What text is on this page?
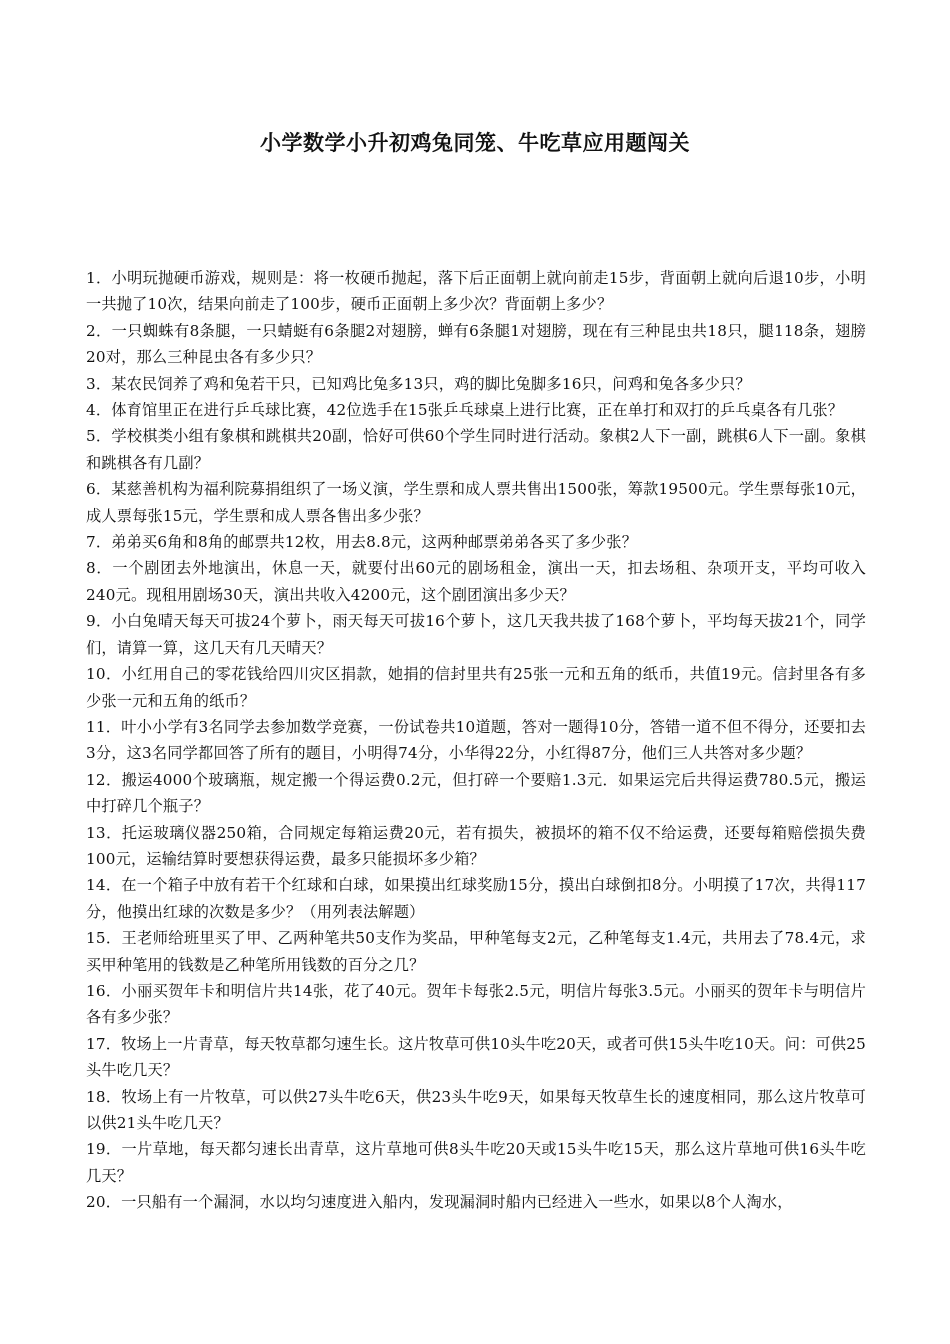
小学数学小升初鸡兔同笼、牛吃草应用题闯关

1．小明玩抛硬币游戏，规则是：将一枚硬币抛起，落下后正面朝上就向前走15步，背面朝上就向后退10步，小明一共抛了10次，结果向前走了100步，硬币正面朝上多少次？背面朝上多少？

2．一只蜘蛛有8条腿，一只蜻蜓有6条腿2对翅膀，蝉有6条腿1对翅膀，现在有三种昆虫共18只，腿118条，翅膀20对，那么三种昆虫各有多少只？

3．某农民饲养了鸡和兔若干只，已知鸡比兔多13只，鸡的脚比兔脚多16只，问鸡和兔各多少只？

4．体育馆里正在进行乒乓球比赛，42位选手在15张乒乓球桌上进行比赛，正在单打和双打的乒乓桌各有几张？

5．学校棋类小组有象棋和跳棋共20副，恰好可供60个学生同时进行活动。象棋2人下一副，跳棋6人下一副。象棋和跳棋各有几副？

6．某慈善机构为福利院募捐组织了一场义演，学生票和成人票共售出1500张，筹款19500元。学生票每张10元，成人票每张15元，学生票和成人票各售出多少张？

7．弟弟买6角和8角的邮票共12枚，用去8.8元，这两种邮票弟弟各买了多少张？

8．一个剧团去外地演出，休息一天，就要付出60元的剧场租金，演出一天，扣去场租、杂项开支，平均可收入240元。现租用剧场30天，演出共收入4200元，这个剧团演出多少天？

9．小白兔晴天每天可拔24个萝卜，雨天每天可拔16个萝卜，这几天我共拔了168个萝卜，平均每天拔21个，同学们，请算一算，这几天有几天晴天？

10．小红用自己的零花钱给四川灾区捐款，她捐的信封里共有25张一元和五角的纸币，共值19元。信封里各有多少张一元和五角的纸币？

11．叶小小学有3名同学去参加数学竞赛，一份试卷共10道题，答对一题得10分，答错一道不但不得分，还要扣去3分，这3名同学都回答了所有的题目，小明得74分，小华得22分，小红得87分，他们三人共答对多少题？

12．搬运4000个玻璃瓶，规定搬一个得运费0.2元，但打碎一个要赔1.3元．如果运完后共得运费780.5元，搬运中打碎几个瓶子？

13．托运玻璃仪器250箱，合同规定每箱运费20元，若有损失，被损坏的箱不仅不给运费，还要每箱赔偿损失费100元，运输结算时要想获得运费，最多只能损坏多少箱？

14．在一个箱子中放有若干个红球和白球，如果摸出红球奖励15分，摸出白球倒扣8分。小明摸了17次，共得117分，他摸出红球的次数是多少？（用列表法解题）

15．王老师给班里买了甲、乙两种笔共50支作为奖品，甲种笔每支2元，乙种笔每支1.4元，共用去了78.4元，求买甲种笔用的钱数是乙种笔所用钱数的百分之几？

16．小丽买贺年卡和明信片共14张，花了40元。贺年卡每张2.5元，明信片每张3.5元。小丽买的贺年卡与明信片各有多少张？

17．牧场上一片青草，每天牧草都匀速生长。这片牧草可供10头牛吃20天，或者可供15头牛吃10天。问：可供25头牛吃几天？

18．牧场上有一片牧草，可以供27头牛吃6天，供23头牛吃9天，如果每天牧草生长的速度相同，那么这片牧草可以供21头牛吃几天？

19．一片草地，每天都匀速长出青草，这片草地可供8头牛吃20天或15头牛吃15天，那么这片草地可供16头牛吃几天？

20．一只船有一个漏洞，水以均匀速度进入船内，发现漏洞时船内已经进入一些水，如果以8个人淘水，
